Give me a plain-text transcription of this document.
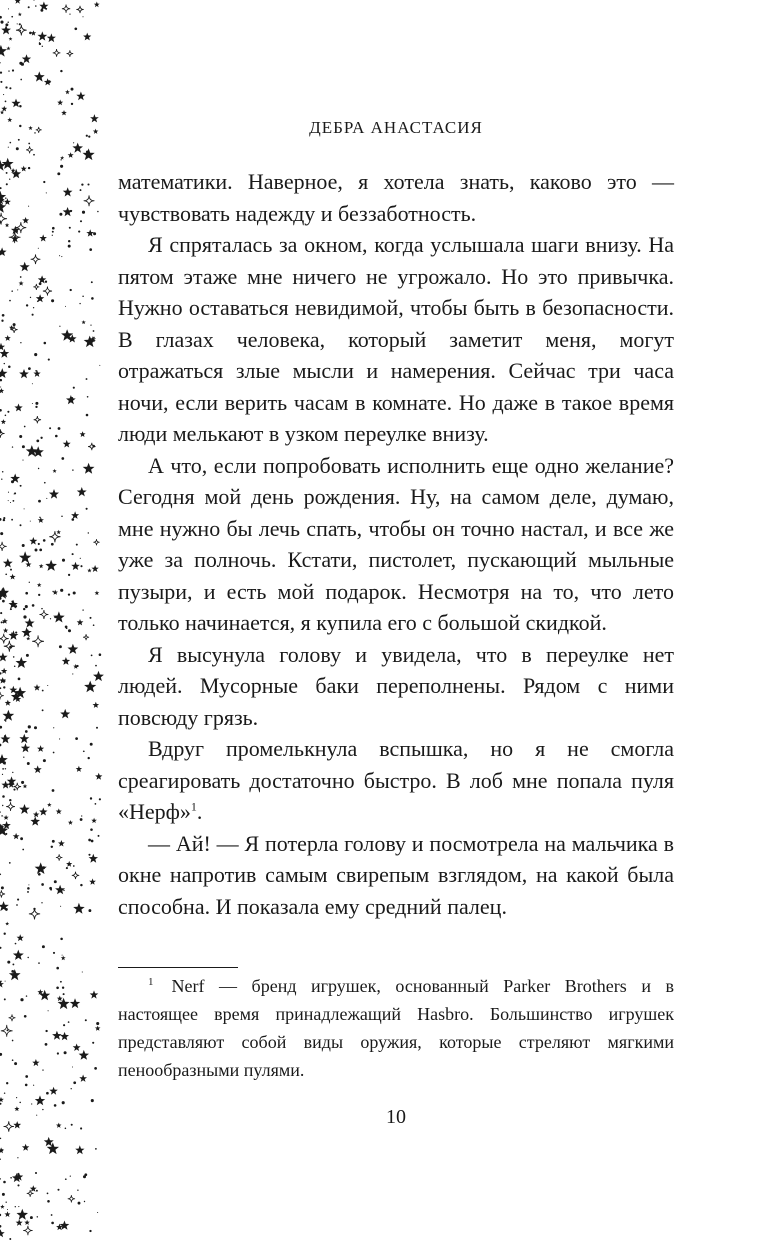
ДЕБРА АНАСТАСИЯ

математики. Наверное, я хотела знать, каково это — чувствовать надежду и беззаботность.

Я спряталась за окном, когда услышала шаги внизу. На пятом этаже мне ничего не угрожало. Но это привычка. Нужно оставаться невидимой, чтобы быть в безопасности. В глазах человека, который заметит меня, могут отражаться злые мысли и намерения. Сейчас три часа ночи, если верить часам в комнате. Но даже в такое время люди мелькают в узком переулке внизу.

А что, если попробовать исполнить еще одно желание? Сегодня мой день рождения. Ну, на самом деле, думаю, мне нужно бы лечь спать, чтобы он точно настал, и все же уже за полночь. Кстати, пистолет, пускающий мыльные пузыри, и есть мой подарок. Несмотря на то, что лето только начинается, я купила его с большой скидкой.

Я высунула голову и увидела, что в переулке нет людей. Мусорные баки переполнены. Рядом с ними повсюду грязь.

Вдруг промелькнула вспышка, но я не смогла среагировать достаточно быстро. В лоб мне попала пуля «Нерф»$^1$.

— Ай! — Я потерла голову и посмотрела на мальчика в окне напротив самым свирепым взглядом, на какой была способна. И показала ему средний палец.

$^1$ Nerf — бренд игрушек, основанный Parker Brothers и в настоящее время принадлежащий Hasbro. Большинство игрушек представляют собой виды оружия, которые стреляют мягкими пенообразными пулями.
10
